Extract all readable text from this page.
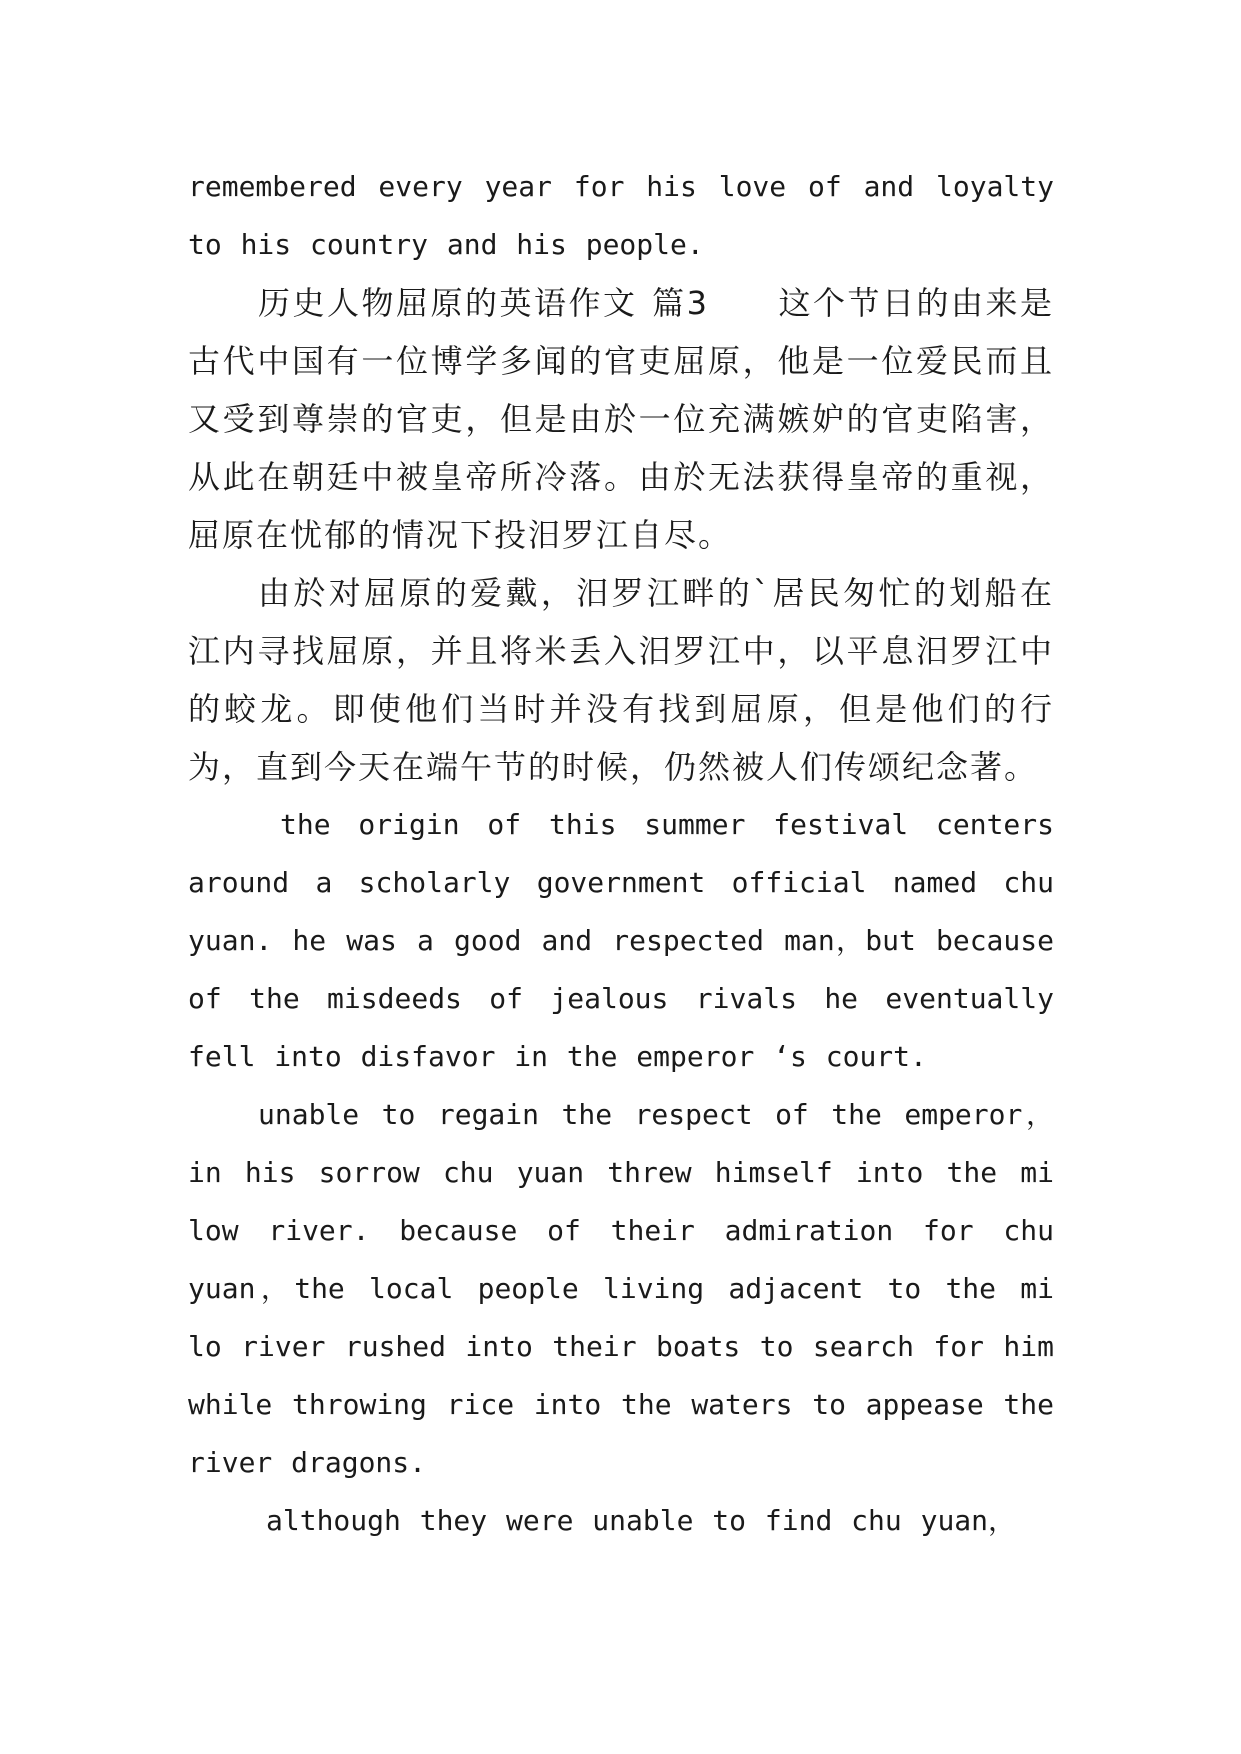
remembered every year for his love of and loyalty to his country and his people.

历史人物屈原的英语作文 篇3　　这个节日的由来是古代中国有一位博学多闻的官吏屈原，他是一位爱民而且又受到尊崇的官吏，但是由於一位充满嫉妒的官吏陷害，从此在朝廷中被皇帝所冷落。由於无法获得皇帝的重视，屈原在忧郁的情况下投汨罗江自尽。

由於对屈原的爱戴，汨罗江畔的`居民匆忙的划船在江内寻找屈原，并且将米丢入汨罗江中，以平息汨罗江中的蛟龙。即使他们当时并没有找到屈原，但是他们的行为，直到今天在端午节的时候，仍然被人们传颂纪念著。

the origin of this summer festival centers around a scholarly government official named chu yuan. he was a good and respected man，but because of the misdeeds of jealous rivals he eventually fell into disfavor in the emperor ‘s court.

unable to regain the respect of the emperor，in his sorrow chu yuan threw himself into the mi low river. because of their admiration for chu yuan，the local people living adjacent to the mi lo river rushed into their boats to search for him while throwing rice into the waters to appease the river dragons.

although they were unable to find chu yuan，
